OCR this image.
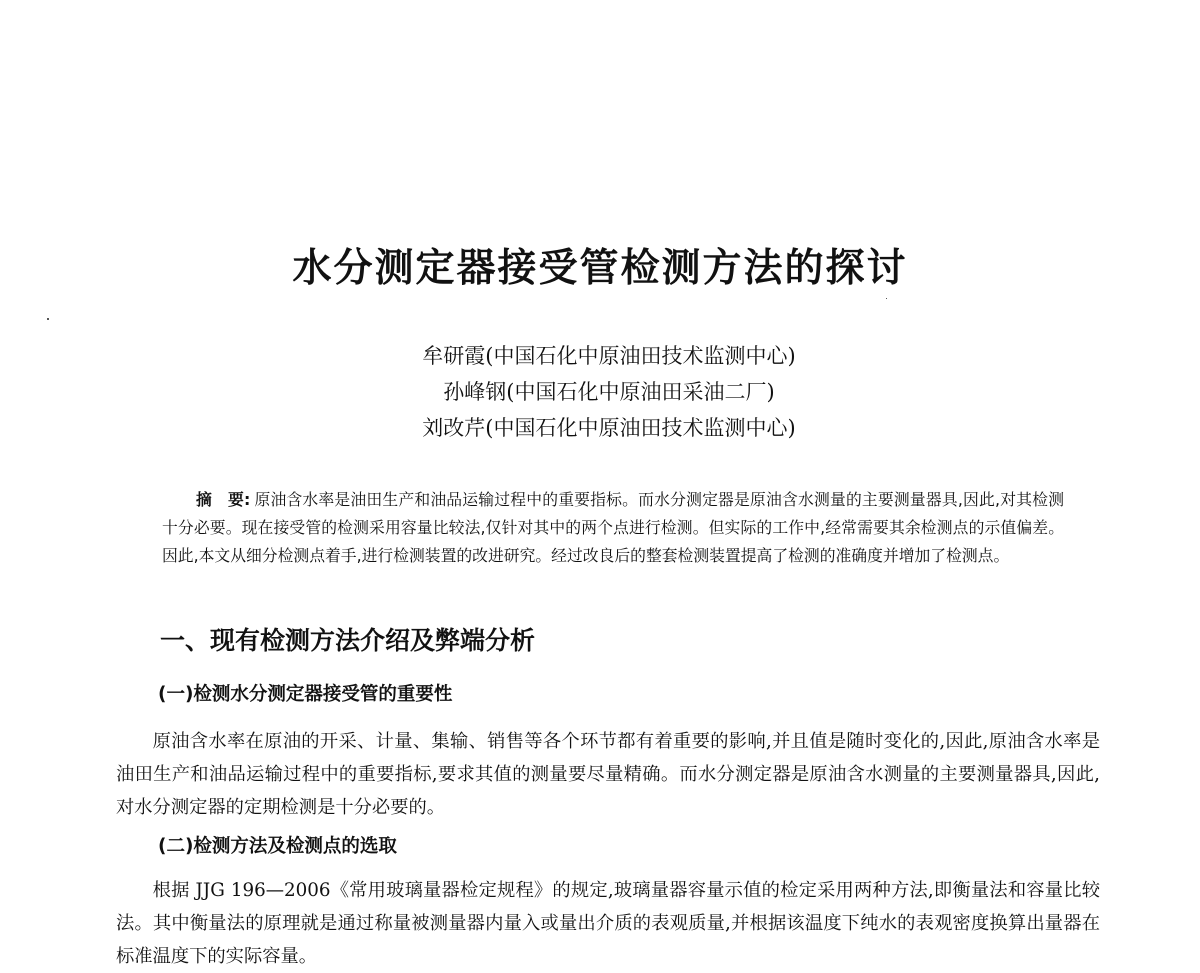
水分测定器接受管检测方法的探讨
牟研霞(中国石化中原油田技术监测中心)
孙峰钢(中国石化中原油田采油二厂)
刘改芹(中国石化中原油田技术监测中心)
摘　要: 原油含水率是油田生产和油品运输过程中的重要指标。而水分测定器是原油含水测量的主要测量器具,因此,对其检测十分必要。现在接受管的检测采用容量比较法,仅针对其中的两个点进行检测。但实际的工作中,经常需要其余检测点的示值偏差。因此,本文从细分检测点着手,进行检测装置的改进研究。经过改良后的整套检测装置提高了检测的准确度并增加了检测点。
一、现有检测方法介绍及弊端分析
(一)检测水分测定器接受管的重要性

原油含水率在原油的开采、计量、集输、销售等各个环节都有着重要的影响,并且值是随时变化的,因此,原油含水率是油田生产和油品运输过程中的重要指标,要求其值的测量要尽量精确。而水分测定器是原油含水测量的主要测量器具,因此,对水分测定器的定期检测是十分必要的。

(二)检测方法及检测点的选取

根据 JJG 196—2006《常用玻璃量器检定规程》的规定,玻璃量器容量示值的检定采用两种方法,即衡量法和容量比较法。其中衡量法的原理就是通过称量被测量器内量入或量出介质的表观质量,并根据该温度下纯水的表观密度换算出量器在标准温度下的实际容量。
